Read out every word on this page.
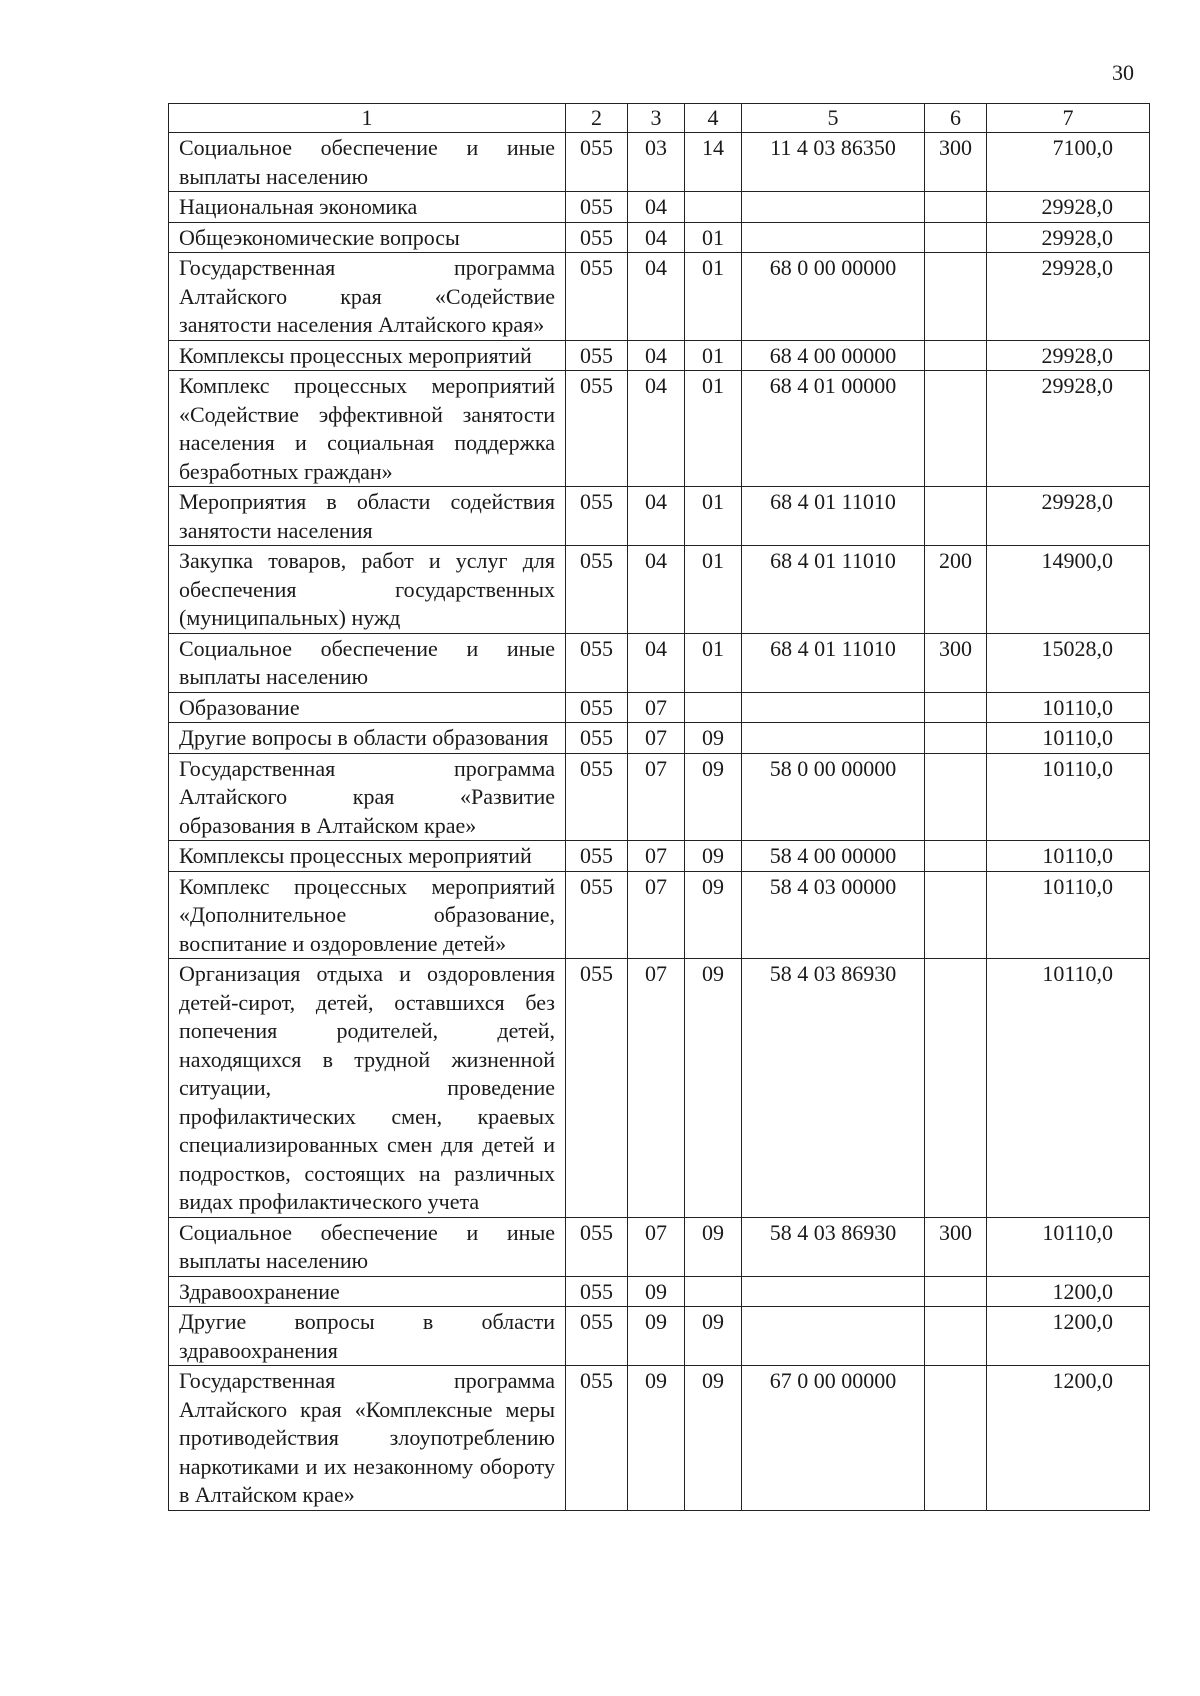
30
1	2	3	4	5	6	7
Социальное обеспечение и иные выплаты населению	055	03	14	11 4 03 86350	300	7100,0
Национальная экономика	055	04				29928,0
Общеэкономические вопросы	055	04	01			29928,0
Государственная программа Алтайского края «Содействие занятости населения Алтайского края»	055	04	01	68 0 00 00000		29928,0
Комплексы процессных мероприятий	055	04	01	68 4 00 00000		29928,0
Комплекс процессных мероприятий «Содействие эффективной занятости населения и социальная поддержка безработных граждан»	055	04	01	68 4 01 00000		29928,0
Мероприятия в области содействия занятости населения	055	04	01	68 4 01 11010		29928,0
Закупка товаров, работ и услуг для обеспечения государственных (муниципальных) нужд	055	04	01	68 4 01 11010	200	14900,0
Социальное обеспечение и иные выплаты населению	055	04	01	68 4 01 11010	300	15028,0
Образование	055	07				10110,0
Другие вопросы в области образования	055	07	09			10110,0
Государственная программа Алтайского края «Развитие образования в Алтайском крае»	055	07	09	58 0 00 00000		10110,0
Комплексы процессных мероприятий	055	07	09	58 4 00 00000		10110,0
Комплекс процессных мероприятий «Дополнительное образование, воспитание и оздоровление детей»	055	07	09	58 4 03 00000		10110,0
Организация отдыха и оздоровления детей-сирот, детей, оставшихся без попечения родителей, детей, находящихся в трудной жизненной ситуации, проведение профилактических смен, краевых специализированных смен для детей и подростков, состоящих на различных видах профилактического учета	055	07	09	58 4 03 86930		10110,0
Социальное обеспечение и иные выплаты населению	055	07	09	58 4 03 86930	300	10110,0
Здравоохранение	055	09				1200,0
Другие вопросы в области здравоохранения	055	09	09			1200,0
Государственная программа Алтайского края «Комплексные меры противодействия злоупотреблению наркотиками и их незаконному обороту в Алтайском крае»	055	09	09	67 0 00 00000		1200,0
